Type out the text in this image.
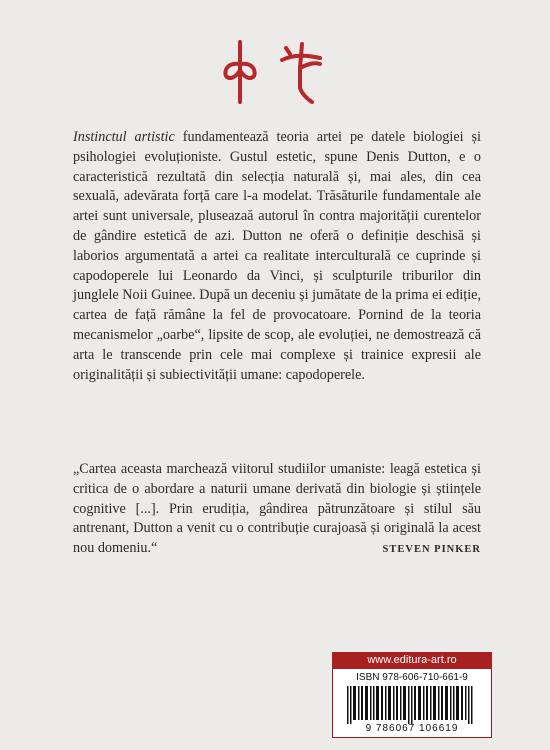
Instinctul artistic fundamentează teoria artei pe datele biologiei și psihologiei evoluționiste. Gustul estetic, spune Denis Dutton, e o caracteristică rezultată din selecția naturală și, mai ales, din cea sexuală, adevărata forță care l-a modelat. Trăsăturile fundamentale ale artei sunt universale, pluseazaă autorul în contra majorității curentelor de gândire estetică de azi. Dutton ne oferă o definiție deschisă și laborios argumentată a artei ca realitate interculturală ce cuprinde și capodoperele lui Leonardo da Vinci, și sculpturile triburilor din junglele Noii Guinee. După un deceniu și jumătate de la prima ei ediție, cartea de față rămâne la fel de provocatoare. Pornind de la teoria mecanismelor „oarbe“, lipsite de scop, ale evoluției, ne demostrează că arta le transcende prin cele mai complexe și trainice expresii ale originalității și subiectivității umane: capodoperele.

„Cartea aceasta marchează viitorul studiilor umaniste: leagă estetica și critica de o abordare a naturii umane derivată din biologie și științele cognitive [...]. Prin erudiția, gândirea pătrunzătoare și stilul său antrenant, Dutton a venit cu o contribuție curajoasă și originală la acest nou domeniu.“	STEVEN PINKER

www.editura-art.ro
ISBN 978-606-710-661-9
9 786067 106619
